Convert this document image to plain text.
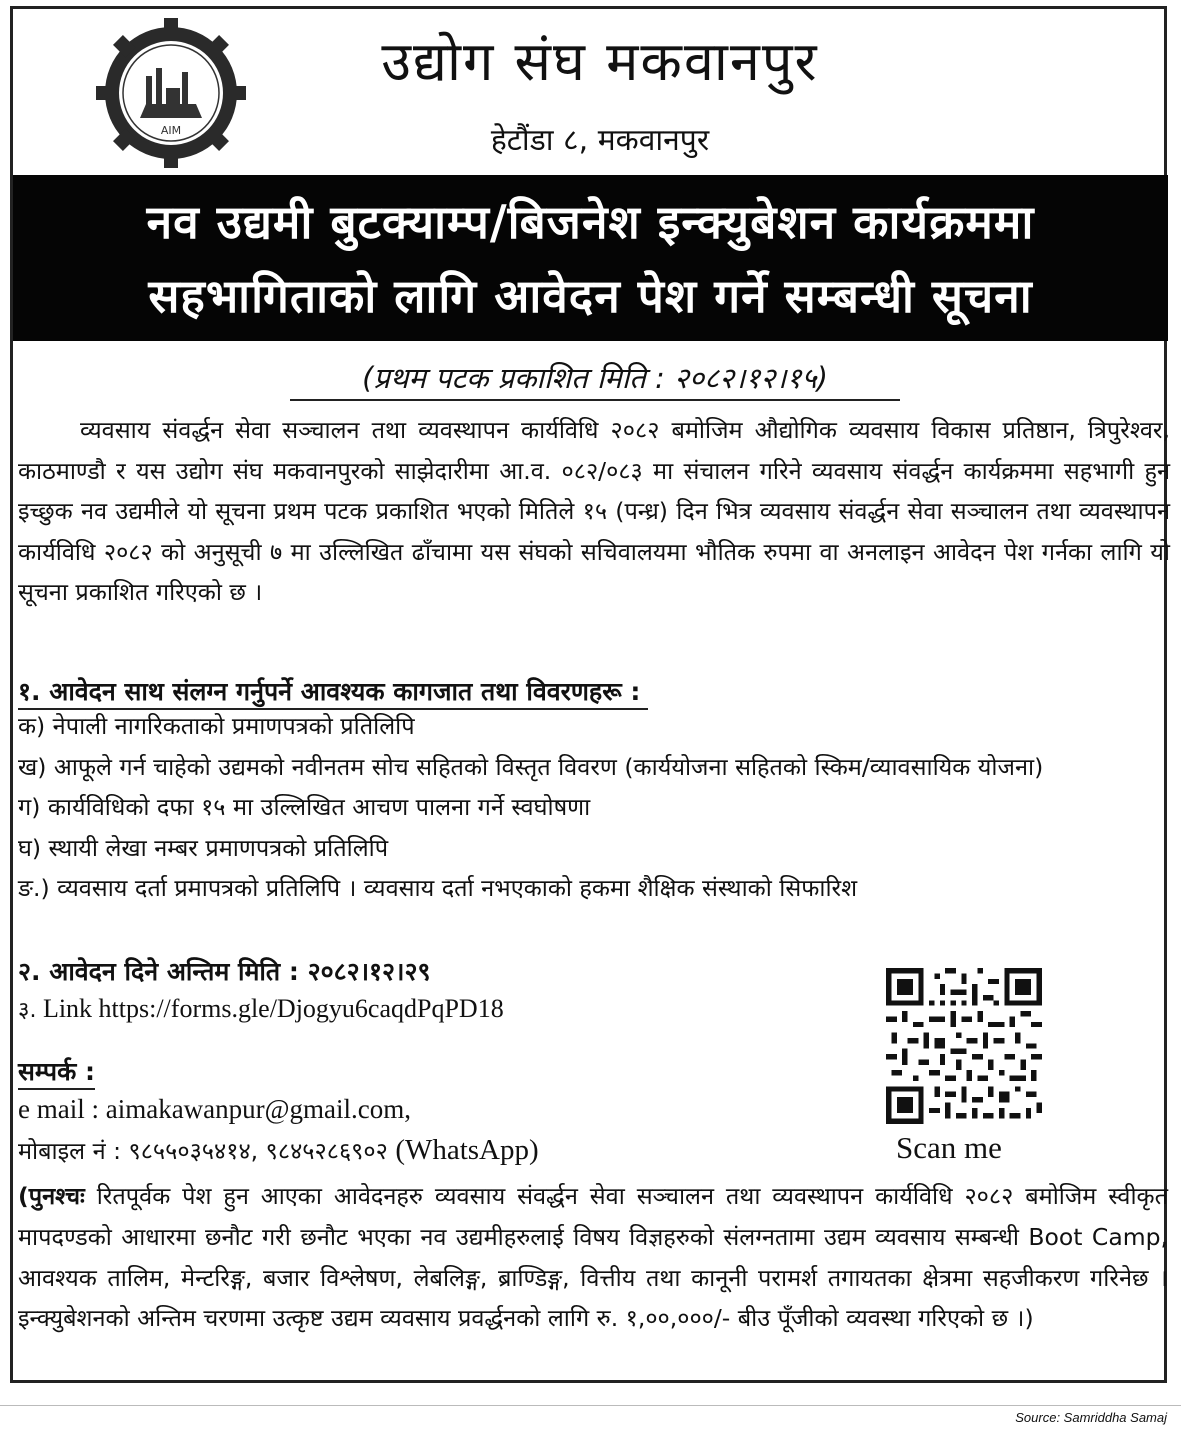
AIM
उद्योग संघ मकवानपुर
हेटौंडा ८, मकवानपुर
नव उद्यमी बुटक्याम्प/बिजनेश इन्क्युबेशन कार्यक्रममा
सहभागिताको लागि आवेदन पेश गर्ने सम्बन्धी सूचना
(प्रथम पटक प्रकाशित मिति : २०८२।१२।१५)
व्यवसाय संवर्द्धन सेवा सञ्चालन तथा व्यवस्थापन कार्यविधि २०८२ बमोजिम औद्योगिक व्यवसाय विकास प्रतिष्ठान, त्रिपुरेश्वर, काठमाण्डौ र यस उद्योग संघ मकवानपुरको साझेदारीमा आ.व. ०८२/०८३ मा संचालन गरिने व्यवसाय संवर्द्धन कार्यक्रममा सहभागी हुन इच्छुक नव उद्यमीले यो सूचना प्रथम पटक प्रकाशित भएको मितिले १५ (पन्ध्र) दिन भित्र व्यवसाय संवर्द्धन सेवा सञ्चालन तथा व्यवस्थापन कार्यविधि २०८२ को अनुसूची ७ मा उल्लिखित ढाँचामा यस संघको सचिवालयमा भौतिक रुपमा वा अनलाइन आवेदन पेश गर्नका लागि यो सूचना प्रकाशित गरिएको छ ।
१. आवेदन साथ संलग्न गर्नुपर्ने आवश्यक कागजात तथा विवरणहरू :
क) नेपाली नागरिकताको प्रमाणपत्रको प्रतिलिपि
ख) आफूले गर्न चाहेको उद्यमको नवीनतम सोच सहितको विस्तृत विवरण (कार्ययोजना सहितको स्किम/व्यावसायिक योजना)
ग) कार्यविधिको दफा १५ मा उल्लिखित आचण पालना गर्ने स्वघोषणा
घ) स्थायी लेखा नम्बर प्रमाणपत्रको प्रतिलिपि
ङ.) व्यवसाय दर्ता प्रमापत्रको प्रतिलिपि । व्यवसाय दर्ता नभएकाको हकमा शैक्षिक संस्थाको सिफारिश
२. आवेदन दिने अन्तिम मिति : २०८२।१२।२९
३. Link https://forms.gle/Djogyu6caqdPqPD18
सम्पर्क :
e mail : aimakawanpur@gmail.com,
मोबाइल नं : ९८५५०३५४१४, ९८४५२८६९०२ (WhatsApp)	Scan me
(पुनश्चः रितपूर्वक पेश हुन आएका आवेदनहरु व्यवसाय संवर्द्धन सेवा सञ्चालन तथा व्यवस्थापन कार्यविधि २०८२ बमोजिम स्वीकृत मापदण्डको आधारमा छनौट गरी छनौट भएका नव उद्यमीहरुलाई विषय विज्ञहरुको संलग्नतामा उद्यम व्यवसाय सम्बन्धी Boot Camp, आवश्यक तालिम, मेन्टरिङ्ग, बजार विश्लेषण, लेबलिङ्ग, ब्राण्डिङ्ग, वित्तीय तथा कानूनी परामर्श तगायतका क्षेत्रमा सहजीकरण गरिनेछ । इन्क्युबेशनको अन्तिम चरणमा उत्कृष्ट उद्यम व्यवसाय प्रवर्द्धनको लागि रु. १,००,०००/- बीउ पूँजीको व्यवस्था गरिएको छ ।)
Source: Samriddha Samaj
